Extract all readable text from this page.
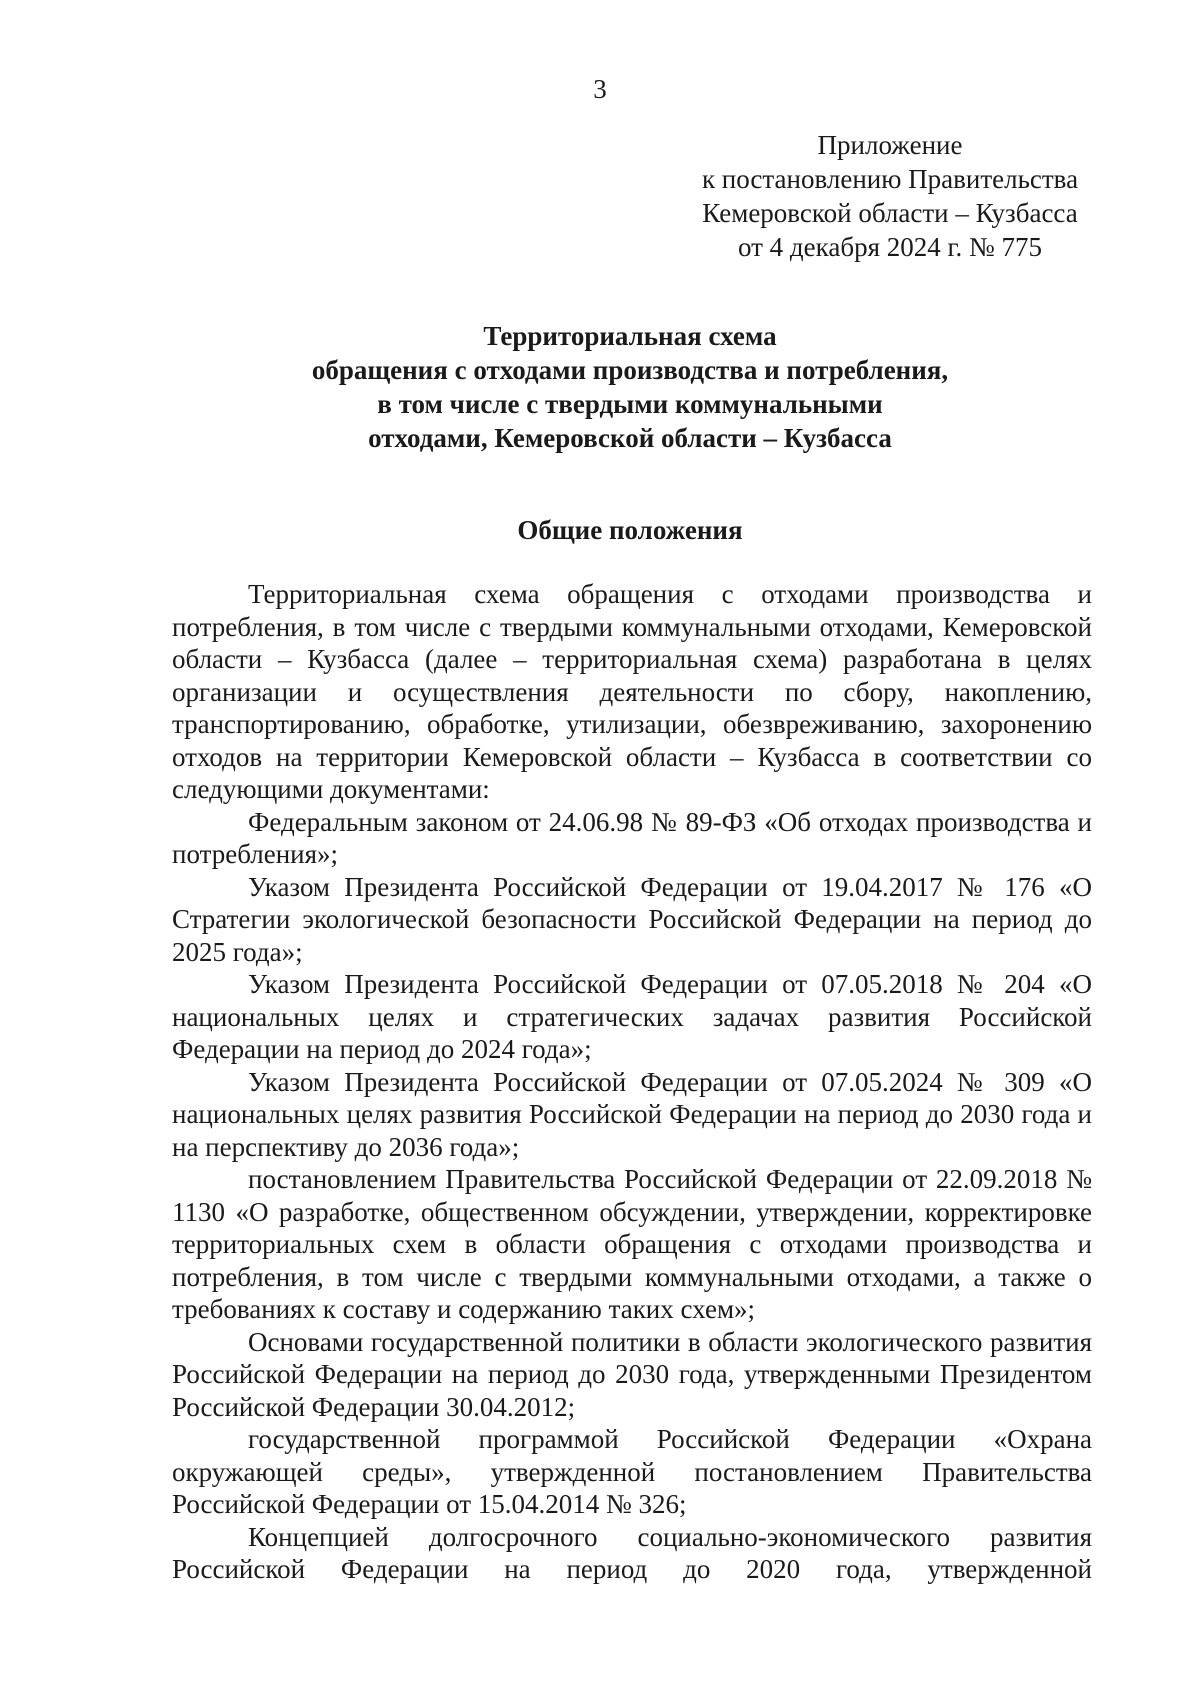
3
Приложение
к постановлению Правительства
Кемеровской области – Кузбасса
от 4 декабря 2024 г. № 775
Территориальная схема
обращения с отходами производства и потребления,
в том числе с твердыми коммунальными
отходами, Кемеровской области – Кузбасса
Общие положения

Территориальная схема обращения с отходами производства и потребления, в том числе с твердыми коммунальными отходами, Кемеровской области – Кузбасса (далее – территориальная схема) разработана в целях организации и осуществления деятельности по сбору, накоплению, транспортированию, обработке, утилизации, обезвреживанию, захоронению отходов на территории Кемеровской области – Кузбасса в соответствии со следующими документами:

Федеральным законом от 24.06.98 № 89-ФЗ «Об отходах производства и потребления»;

Указом Президента Российской Федерации от 19.04.2017 № 176 «О Стратегии экологической безопасности Российской Федерации на период до 2025 года»;

Указом Президента Российской Федерации от 07.05.2018 № 204 «О национальных целях и стратегических задачах развития Российской Федерации на период до 2024 года»;

Указом Президента Российской Федерации от 07.05.2024 № 309 «О национальных целях развития Российской Федерации на период до 2030 года и на перспективу до 2036 года»;

постановлением Правительства Российской Федерации от 22.09.2018 № 1130 «О разработке, общественном обсуждении, утверждении, корректировке территориальных схем в области обращения с отходами производства и потребления, в том числе с твердыми коммунальными отходами, а также о требованиях к составу и содержанию таких схем»;

Основами государственной политики в области экологического развития Российской Федерации на период до 2030 года, утвержденными Президентом Российской Федерации 30.04.2012;

государственной программой Российской Федерации «Охрана окружающей среды», утвержденной постановлением Правительства Российской Федерации от 15.04.2014 № 326;

Концепцией долгосрочного социально-экономического развития Российской Федерации на период до 2020 года, утвержденной
